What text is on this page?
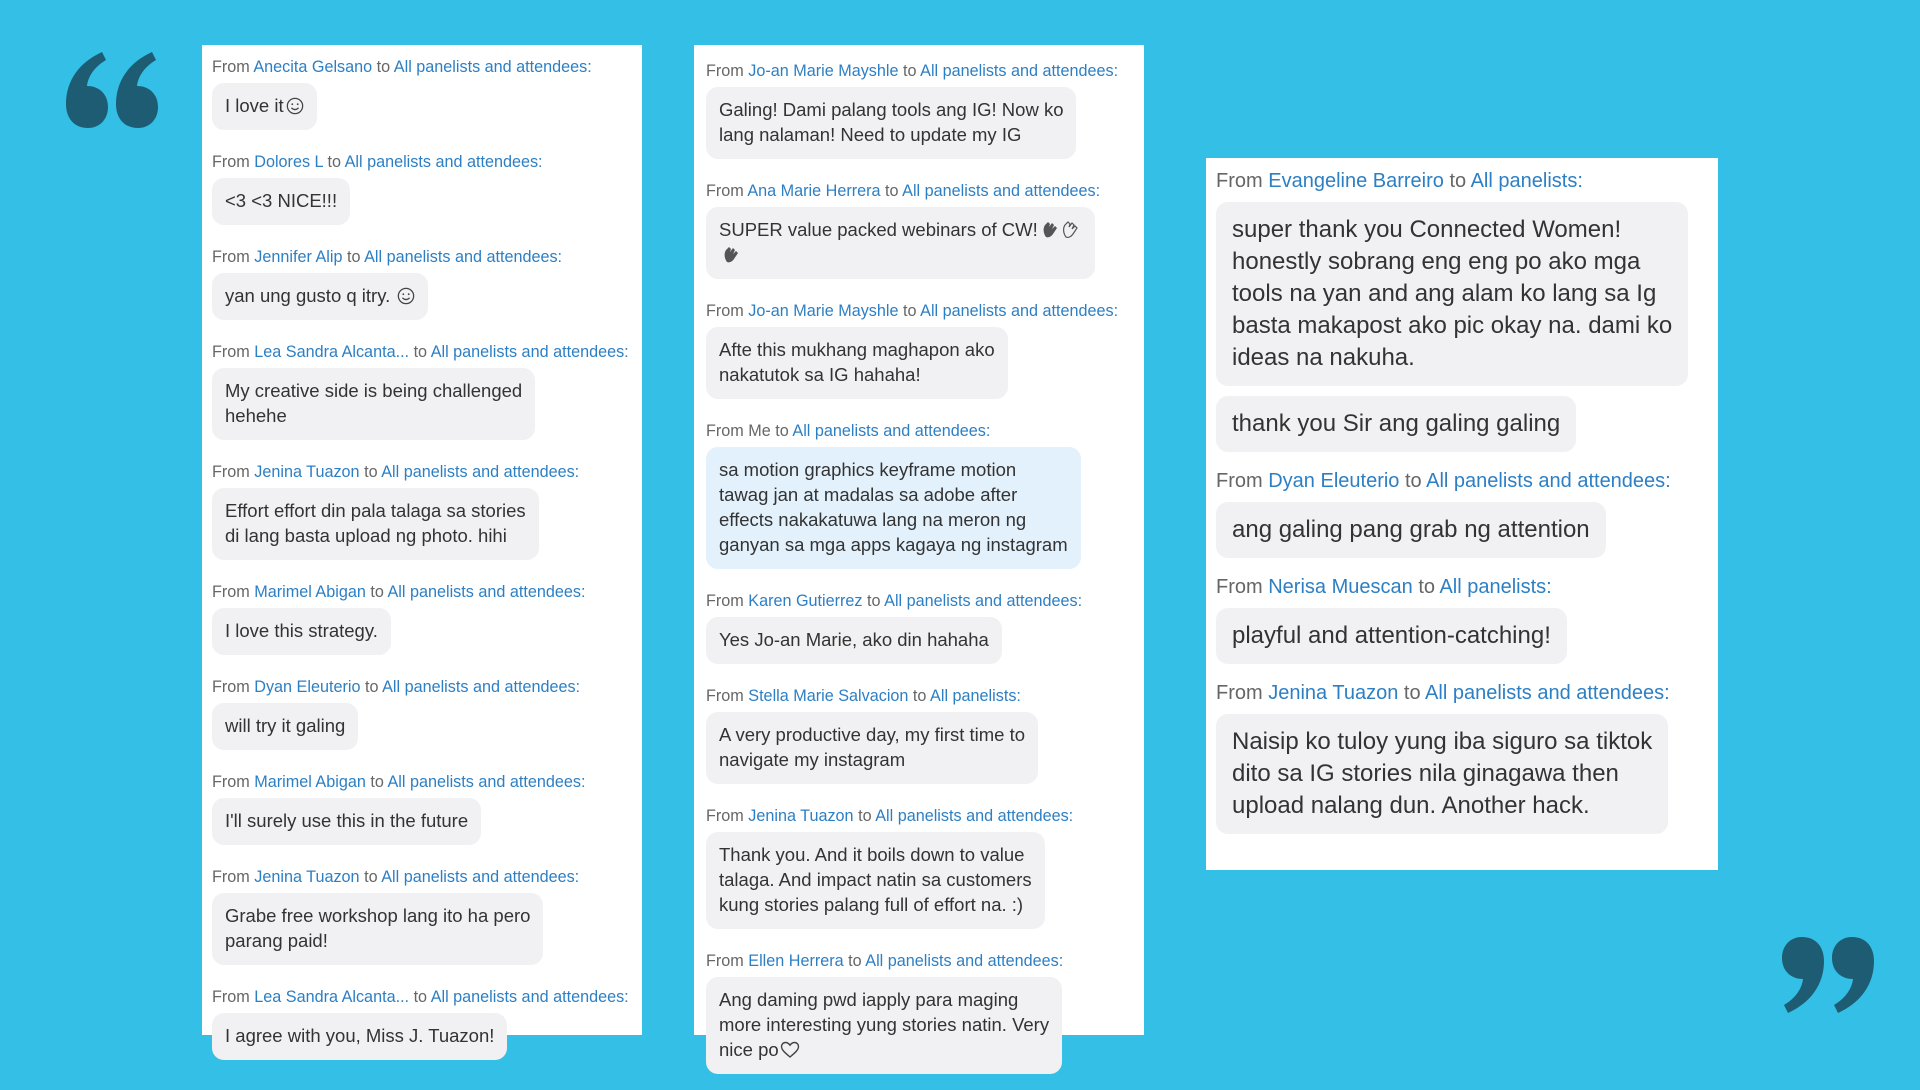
From Anecita Gelsano to All panelists and attendees:
I love it
From Dolores L to All panelists and attendees:
<3 <3 NICE!!!
From Jennifer Alip to All panelists and attendees:
yan ung gusto q itry.
From Lea Sandra Alcanta... to All panelists and attendees:
My creative side is being challenged
hehehe
From Jenina Tuazon to All panelists and attendees:
Effort effort din pala talaga sa stories
di lang basta upload ng photo. hihi
From Marimel Abigan to All panelists and attendees:
I love this strategy.
From Dyan Eleuterio to All panelists and attendees:
will try it galing
From Marimel Abigan to All panelists and attendees:
I'll surely use this in the future
From Jenina Tuazon to All panelists and attendees:
Grabe free workshop lang ito ha pero
parang paid!
From Lea Sandra Alcanta... to All panelists and attendees:
I agree with you, Miss J. Tuazon!
From Jo-an Marie Mayshle to All panelists and attendees:
Galing! Dami palang tools ang IG! Now ko
lang nalaman! Need to update my IG
From Ana Marie Herrera to All panelists and attendees:
SUPER value packed webinars of CW!

From Jo-an Marie Mayshle to All panelists and attendees:
Afte this mukhang maghapon ako
nakatutok sa IG hahaha!
From Me to All panelists and attendees:
sa motion graphics keyframe motion
tawag jan at madalas sa adobe after
effects nakakatuwa lang na meron ng
ganyan sa mga apps kagaya ng instagram
From Karen Gutierrez to All panelists and attendees:
Yes Jo-an Marie, ako din hahaha
From Stella Marie Salvacion to All panelists:
A very productive day, my first time to
navigate my instagram
From Jenina Tuazon to All panelists and attendees:
Thank you. And it boils down to value
talaga. And impact natin sa customers
kung stories palang full of effort na. :)
From Ellen Herrera to All panelists and attendees:
Ang daming pwd iapply para maging
more interesting yung stories natin. Very
nice po
From Evangeline Barreiro to All panelists:
super thank you Connected Women!
honestly sobrang eng eng po ako mga
tools na yan and ang alam ko lang sa Ig
basta makapost ako pic okay na. dami ko
ideas na nakuha. thank you Sir ang galing galing
From Dyan Eleuterio to All panelists and attendees:
ang galing pang grab ng attention
From Nerisa Muescan to All panelists:
playful and attention-catching!
From Jenina Tuazon to All panelists and attendees:
Naisip ko tuloy yung iba siguro sa tiktok
dito sa IG stories nila ginagawa then
upload nalang dun. Another hack.
